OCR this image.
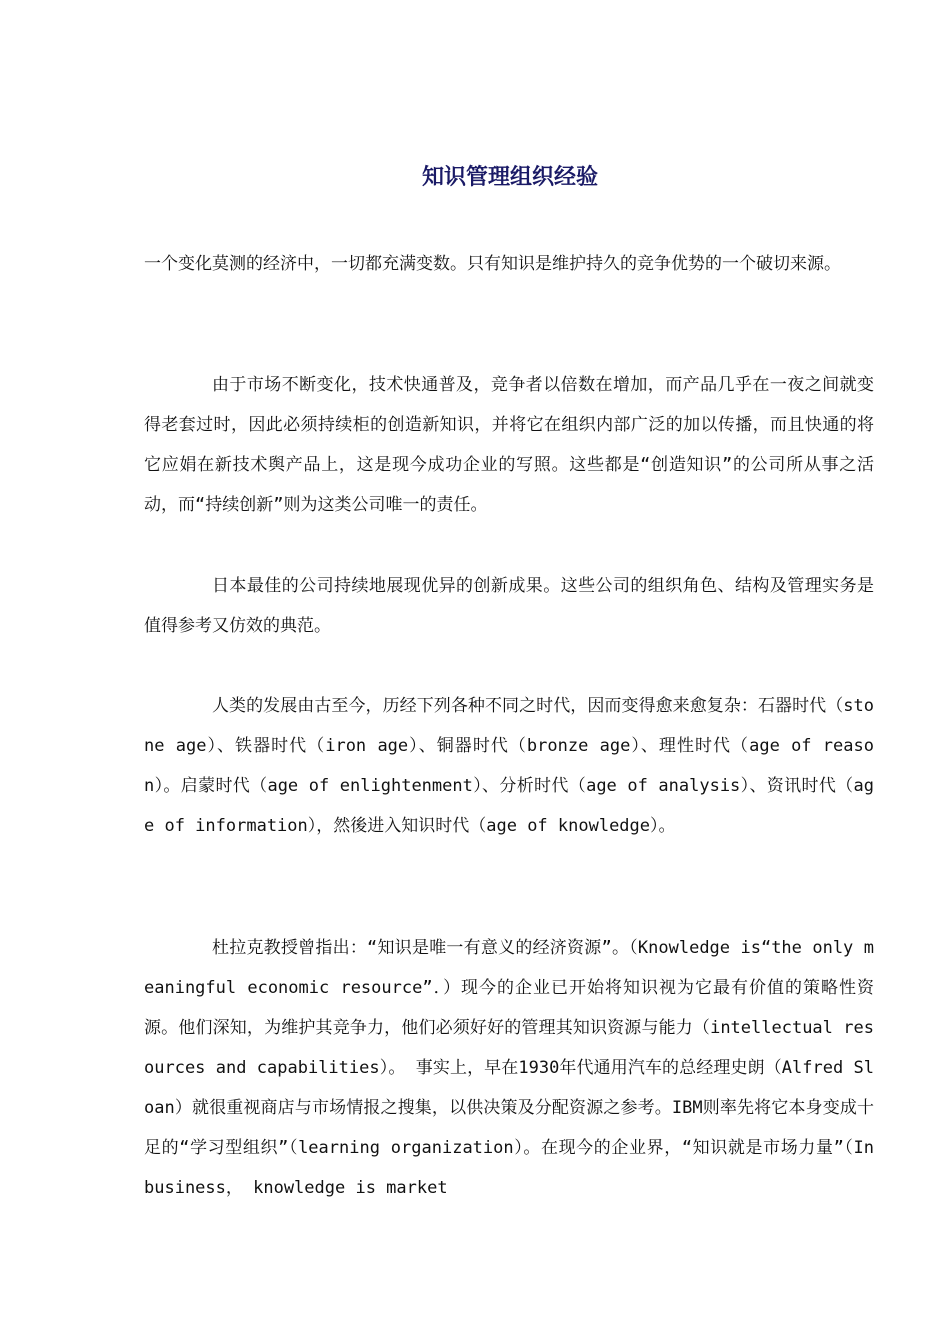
知识管理组织经验

一个变化莫测的经济中，一切都充满变数。只有知识是维护持久的竞争优势的一个破切来源。

由于市场不断变化，技术快通普及，竞争者以倍数在增加，而产品几乎在一夜之间就变得老套过时，因此必须持续柜的创造新知识，并将它在组织内部广泛的加以传播，而且快通的将它应娟在新技术舆产品上，这是现今成功企业的写照。这些都是“创造知识”的公司所从事之活动，而“持续创新”则为这类公司唯一的责任。

日本最佳的公司持续地展现优异的创新成果。这些公司的组织角色、结构及管理实务是值得参考又仿效的典范。

人类的发展由古至今，历经下列各种不同之时代，因而变得愈来愈复杂：石器时代（stone age）、铁器时代（iron age）、铜器时代（bronze age）、理性时代（age of reason）。启蒙时代（age of enlightenment）、分析时代（age of analysis）、资讯时代（age of information），然後进入知识时代（age of knowledge）。

杜拉克教授曾指出：“知识是唯一有意义的经济资源”。（Knowledge is“the only meaningful economic resource”．）现今的企业已开始将知识视为它最有价值的策略性资源。他们深知，为维护其竞争力，他们必须好好的管理其知识资源与能力（intellectual resources and capabilities）。 事实上，早在1930年代通用汽车的总经理史朗（Alfred Sloan）就很重视商店与市场情报之搜集，以供决策及分配资源之参考。IBM则率先将它本身变成十足的“学习型组织”（learning organization）。在现今的企业界，“知识就是市场力量”（In business， knowledge is market
